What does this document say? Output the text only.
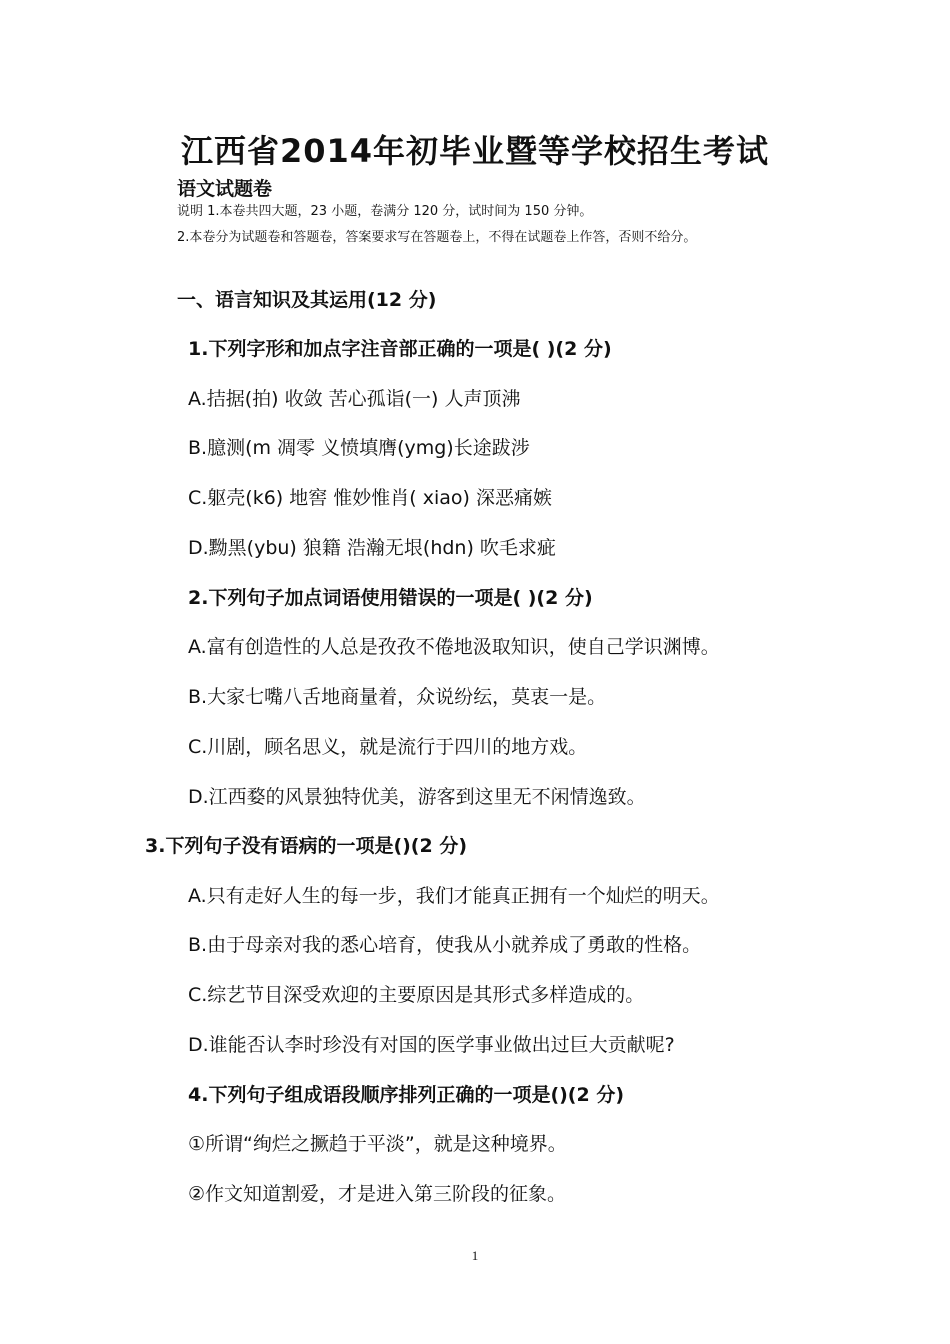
江西省2014年初毕业暨等学校招生考试
语文试题卷
说明 1.本卷共四大题，23 小题，卷满分 120 分，试时间为 150 分钟。
2.本卷分为试题卷和答题卷，答案要求写在答题卷上，不得在试题卷上作答，否则不给分。
一、语言知识及其运用(12 分)
1.下列字形和加点字注音部正确的一项是( )(2 分)
A.拮据(拍) 收敛 苦心孤诣(一) 人声顶沸
B.臆测(m 凋零 义愤填膺(ymg)长途跋涉
C.躯壳(k6) 地窖 惟妙惟肖( xiao) 深恶痛嫉
D.黝黑(ybu) 狼籍 浩瀚无垠(hdn) 吹毛求疵
2.下列句子加点词语使用错误的一项是( )(2 分)
A.富有创造性的人总是孜孜不倦地汲取知识，使自己学识渊博。
B.大家七嘴八舌地商量着，众说纷纭，莫衷一是。
C.川剧，顾名思义，就是流行于四川的地方戏。
D.江西婺的风景独特优美，游客到这里无不闲情逸致。
3.下列句子没有语病的一项是()(2 分)
A.只有走好人生的每一步，我们才能真正拥有一个灿烂的明天。
B.由于母亲对我的悉心培育，使我从小就养成了勇敢的性格。
C.综艺节目深受欢迎的主要原因是其形式多样造成的。
D.谁能否认李时珍没有对国的医学事业做出过巨大贡献呢?
4.下列句子组成语段顺序排列正确的一项是()(2 分)
①所谓“绚烂之撅趋于平淡”，就是这种境界。
②作文知道割爱，才是进入第三阶段的征象。
1
